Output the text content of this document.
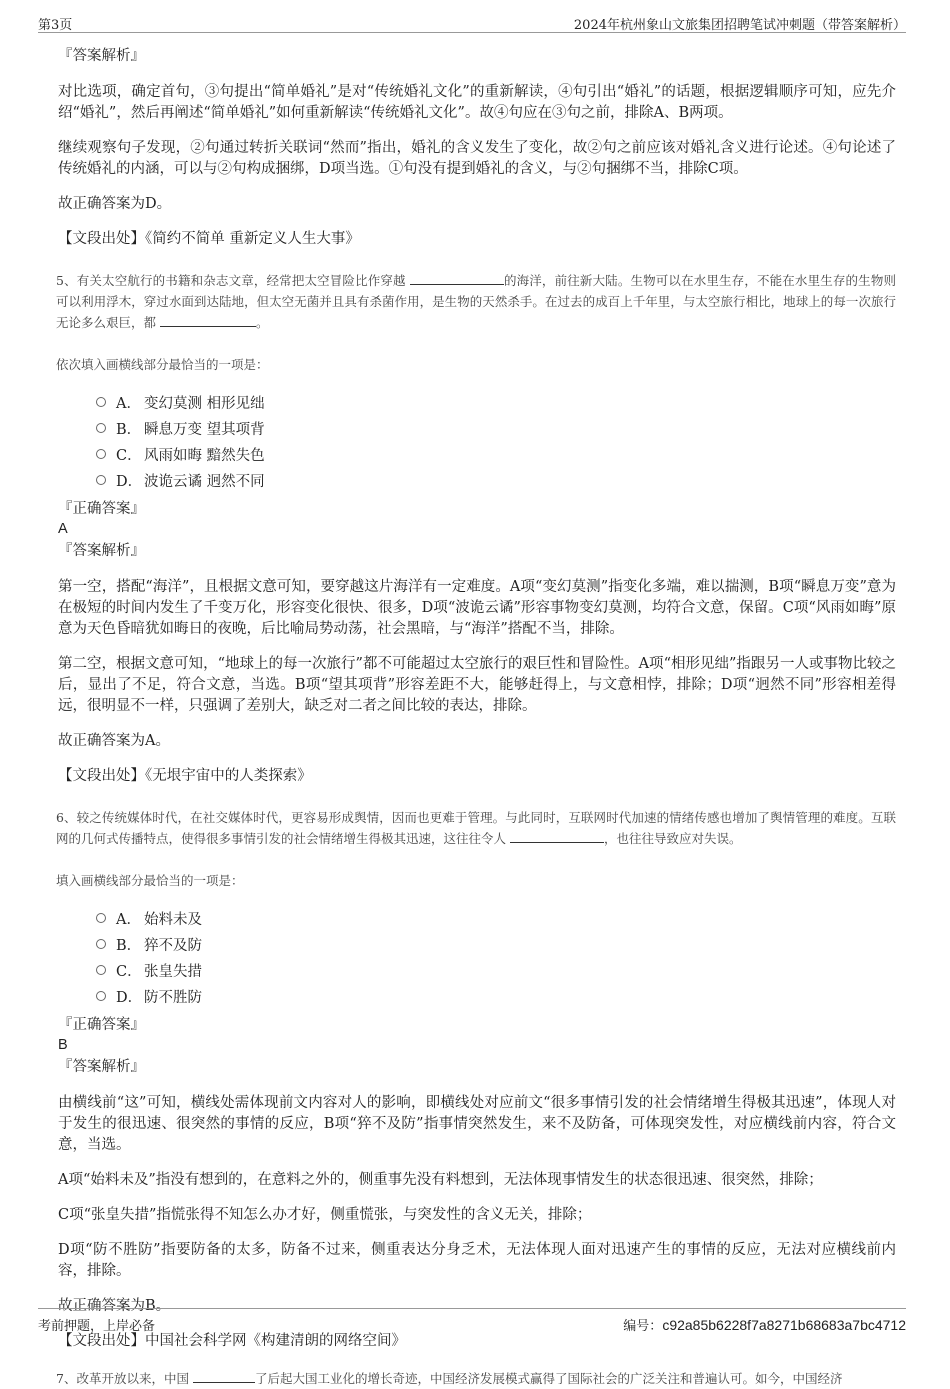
第3页	2024年杭州象山文旅集团招聘笔试冲刺题（带答案解析）
『答案解析』
对比选项，确定首句，③句提出“简单婚礼”是对“传统婚礼文化”的重新解读，④句引出“婚礼”的话题，根据逻辑顺序可知，应先介绍“婚礼”，然后再阐述“简单婚礼”如何重新解读“传统婚礼文化”。故④句应在③句之前，排除A、B两项。
继续观察句子发现，②句通过转折关联词“然而”指出，婚礼的含义发生了变化，故②句之前应该对婚礼含义进行论述。④句论述了传统婚礼的内涵，可以与②句构成捆绑，D项当选。①句没有提到婚礼的含义，与②句捆绑不当，排除C项。
故正确答案为D。
【文段出处】《简约不简单 重新定义人生大事》
5、有关太空航行的书籍和杂志文章，经常把太空冒险比作穿越	的海洋，前往新大陆。生物可以在水里生存，不能在水里生存的生物则可以利用浮木，穿过水面到达陆地，但太空无菌并且具有杀菌作用，是生物的天然杀手。在过去的成百上千年里，与太空旅行相比，地球上的每一次旅行无论多么艰巨，都	。
依次填入画横线部分最恰当的一项是：
A． 变幻莫测 相形见绌
B． 瞬息万变 望其项背
C． 风雨如晦 黯然失色
D． 波诡云谲 迥然不同
『正确答案』
A
『答案解析』
第一空，搭配“海洋”，且根据文意可知，要穿越这片海洋有一定难度。A项“变幻莫测”指变化多端，难以揣测，B项“瞬息万变”意为在极短的时间内发生了千变万化，形容变化很快、很多，D项“波诡云谲”形容事物变幻莫测，均符合文意，保留。C项“风雨如晦”原意为天色昏暗犹如晦日的夜晚，后比喻局势动荡，社会黑暗，与“海洋”搭配不当，排除。
第二空，根据文意可知，“地球上的每一次旅行”都不可能超过太空旅行的艰巨性和冒险性。A项“相形见绌”指跟另一人或事物比较之后，显出了不足，符合文意，当选。B项“望其项背”形容差距不大，能够赶得上，与文意相悖，排除；D项“迥然不同”形容相差得远，很明显不一样，只强调了差别大，缺乏对二者之间比较的表达，排除。
故正确答案为A。
【文段出处】《无垠宇宙中的人类探索》
6、较之传统媒体时代，在社交媒体时代，更容易形成舆情，因而也更难于管理。与此同时，互联网时代加速的情绪传感也增加了舆情管理的难度。互联网的几何式传播特点，使得很多事情引发的社会情绪增生得极其迅速，这往往令人	，也往往导致应对失误。
填入画横线部分最恰当的一项是：
A． 始料未及
B． 猝不及防
C． 张皇失措
D． 防不胜防
『正确答案』
B
『答案解析』
由横线前“这”可知，横线处需体现前文内容对人的影响，即横线处对应前文“很多事情引发的社会情绪增生得极其迅速”，体现人对于发生的很迅速、很突然的事情的反应，B项“猝不及防”指事情突然发生，来不及防备，可体现突发性，对应横线前内容，符合文意，当选。
A项“始料未及”指没有想到的，在意料之外的，侧重事先没有料想到，无法体现事情发生的状态很迅速、很突然，排除；
C项“张皇失措”指慌张得不知怎么办才好，侧重慌张，与突发性的含义无关，排除；
D项“防不胜防”指要防备的太多，防备不过来，侧重表达分身乏术，无法体现人面对迅速产生的事情的反应，无法对应横线前内容，排除。
故正确答案为B。
【文段出处】中国社会科学网《构建清朗的网络空间》
7、改革开放以来，中国	了后起大国工业化的增长奇迹，中国经济发展模式赢得了国际社会的广泛关注和普遍认可。如今，中国经济
考前押题，上岸必备	编号：c92a85b6228f7a8271b68683a7bc4712
